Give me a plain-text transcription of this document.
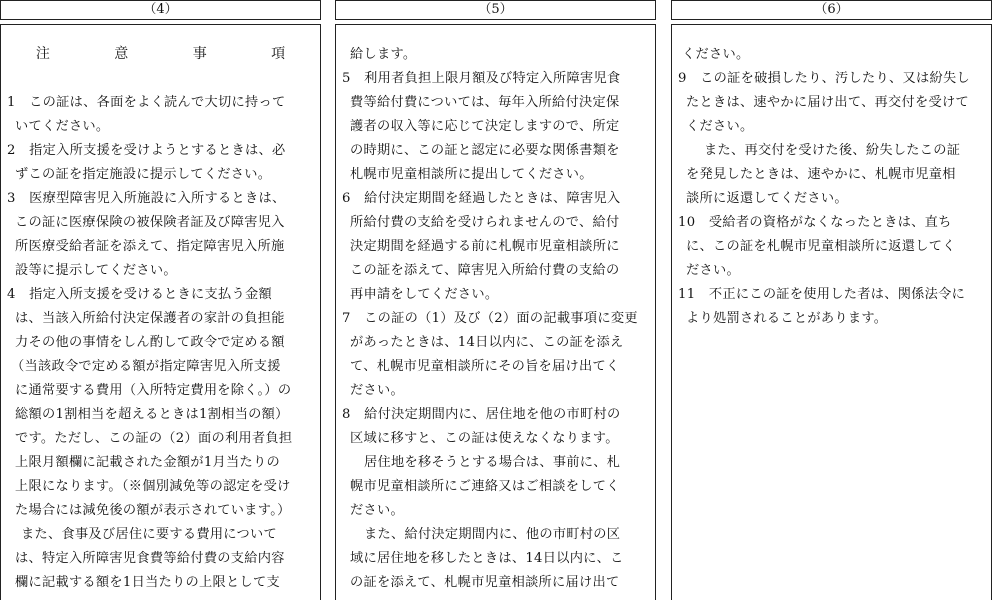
（4）
注 意 事 項
1　この証は、各面をよく読んで大切に持って
いてください。
2　指定入所支援を受けようとするときは、必
ずこの証を指定施設に提示してください。
3　医療型障害児入所施設に入所するときは、
この証に医療保険の被保険者証及び障害児入
所医療受給者証を添えて、指定障害児入所施
設等に提示してください。
4　指定入所支援を受けるときに支払う金額
は、当該入所給付決定保護者の家計の負担能
力その他の事情をしん酌して政令で定める額
（当該政令で定める額が指定障害児入所支援
に通常要する費用（入所特定費用を除く。）の
総額の1割相当を超えるときは1割相当の額）
です。ただし、この証の（2）面の利用者負担
上限月額欄に記載された金額が1月当たりの
上限になります。（※個別減免等の認定を受け
た場合には減免後の額が表示されています。）
また、食事及び居住に要する費用について
は、特定入所障害児食費等給付費の支給内容
欄に記載する額を1日当たりの上限として支
（5）
給します。
5　利用者負担上限月額及び特定入所障害児食
費等給付費については、毎年入所給付決定保
護者の収入等に応じて決定しますので、所定
の時期に、この証と認定に必要な関係書類を
札幌市児童相談所に提出してください。
6　給付決定期間を経過したときは、障害児入
所給付費の支給を受けられませんので、給付
決定期間を経過する前に札幌市児童相談所に
この証を添えて、障害児入所給付費の支給の
再申請をしてください。
7　この証の（1）及び（2）面の記載事項に変更
があったときは、14日以内に、この証を添え
て、札幌市児童相談所にその旨を届け出てく
ださい。
8　給付決定期間内に、居住地を他の市町村の
区域に移すと、この証は使えなくなります。
居住地を移そうとする場合は、事前に、札
幌市児童相談所にご連絡又はご相談をしてく
ださい。
また、給付決定期間内に、他の市町村の区
域に居住地を移したときは、14日以内に、こ
の証を添えて、札幌市児童相談所に届け出て
（6）
ください。
9　この証を破損したり、汚したり、又は紛失し
たときは、速やかに届け出て、再交付を受けて
ください。
また、再交付を受けた後、紛失したこの証
を発見したときは、速やかに、札幌市児童相
談所に返還してください。
10　受給者の資格がなくなったときは、直ち
に、この証を札幌市児童相談所に返還してく
ださい。
11　不正にこの証を使用した者は、関係法令に
より処罰されることがあります。
